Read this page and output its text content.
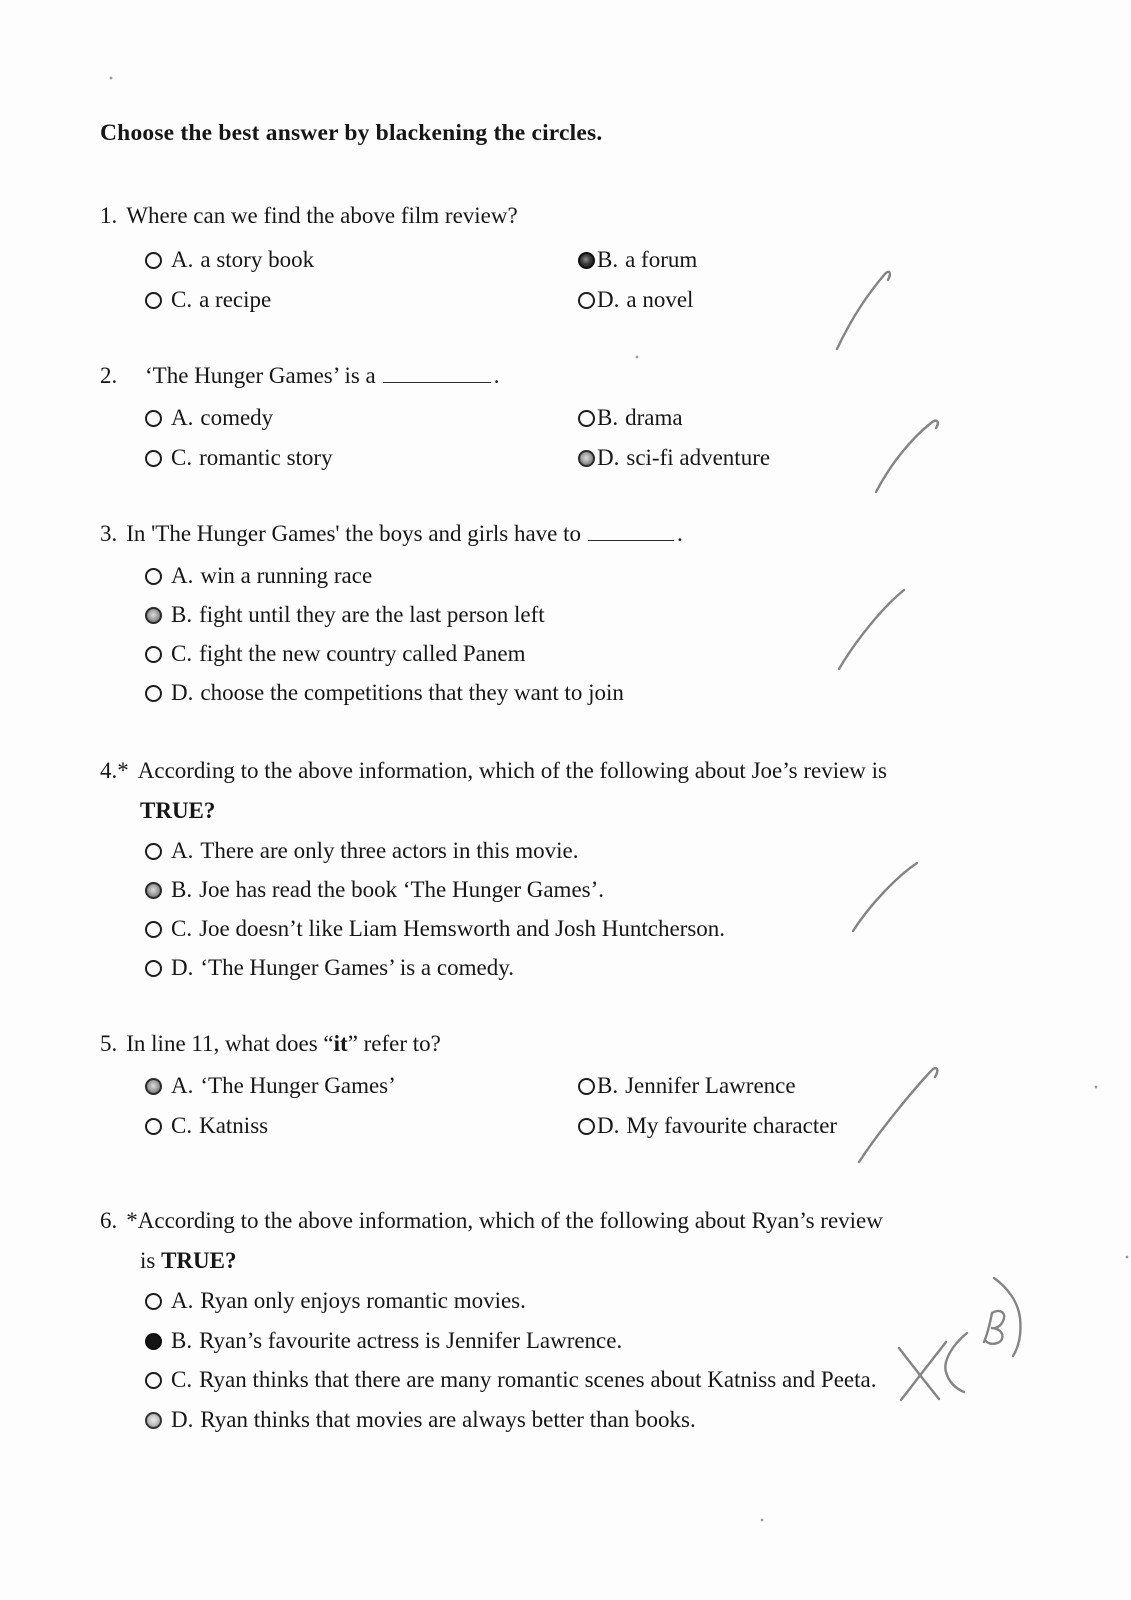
Choose the best answer by blackening the circles.
1. Where can we find the above film review?
A. a story book	B. a forum
C. a recipe	D. a novel
2. ‘The Hunger Games’ is a	.
A. comedy	B. drama
C. romantic story	D. sci-fi adventure
3. In 'The Hunger Games' the boys and girls have to	.
A. win a running race
B. fight until they are the last person left
C. fight the new country called Panem
D. choose the competitions that they want to join
4.* According to the above information, which of the following about Joe’s review is
TRUE?
A. There are only three actors in this movie.
B. Joe has read the book ‘The Hunger Games’.
C. Joe doesn’t like Liam Hemsworth and Josh Huntcherson.
D. ‘The Hunger Games’ is a comedy.
5. In line 11, what does “it” refer to?
A. ‘The Hunger Games’	B. Jennifer Lawrence
C. Katniss	D. My favourite character
6. *According to the above information, which of the following about Ryan’s review
is TRUE?
A. Ryan only enjoys romantic movies.
B. Ryan’s favourite actress is Jennifer Lawrence.
C. Ryan thinks that there are many romantic scenes about Katniss and Peeta.
D. Ryan thinks that movies are always better than books.
